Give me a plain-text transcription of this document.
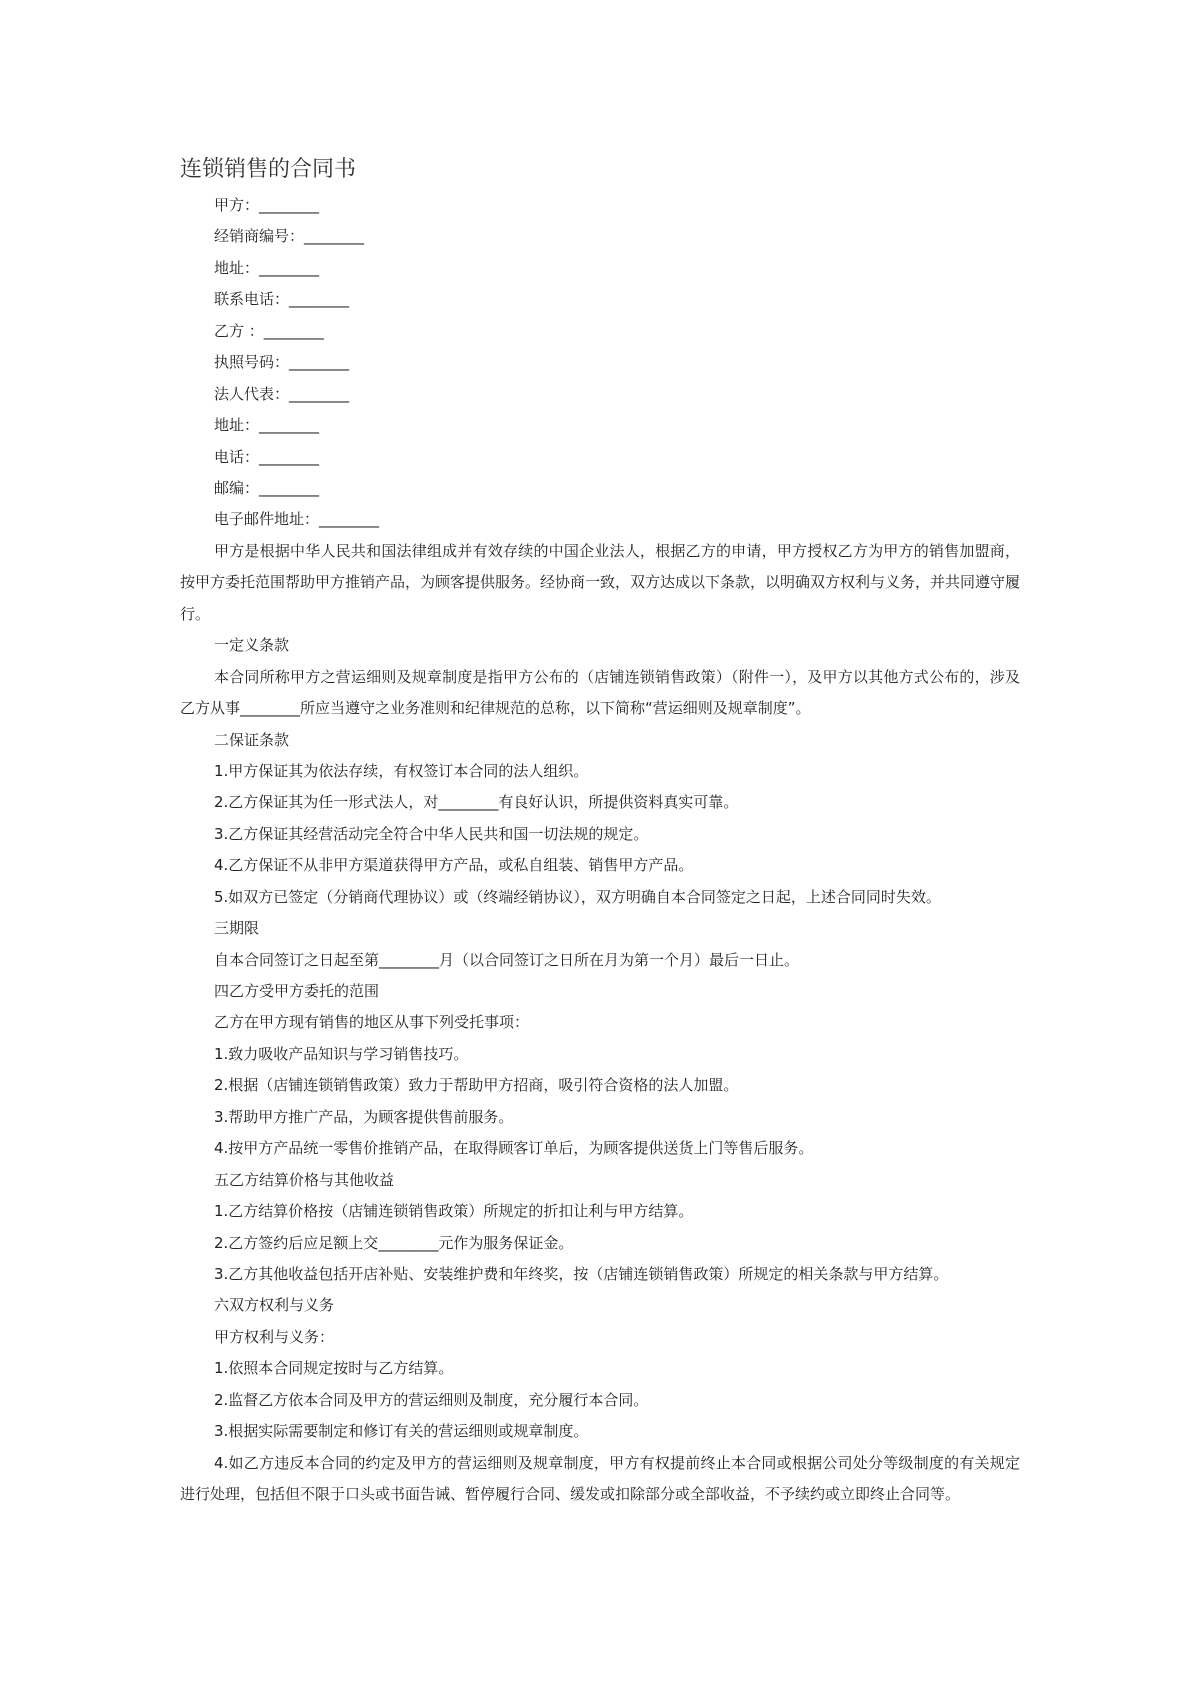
连锁销售的合同书

甲方：________

经销商编号：________

地址：________

联系电话：________

乙方 ：________

执照号码：________

法人代表：________

地址：________

电话：________

邮编：________

电子邮件地址：________

甲方是根据中华人民共和国法律组成并有效存续的中国企业法人，根据乙方的申请，甲方授权乙方为甲方的销售加盟商，按甲方委托范围帮助甲方推销产品，为顾客提供服务。经协商一致，双方达成以下条款，以明确双方权利与义务，并共同遵守履行。

一定义条款

本合同所称甲方之营运细则及规章制度是指甲方公布的（店铺连锁销售政策）（附件一），及甲方以其他方式公布的，涉及乙方从事________所应当遵守之业务准则和纪律规范的总称，以下简称“营运细则及规章制度”。

二保证条款

1.甲方保证其为依法存续，有权签订本合同的法人组织。

2.乙方保证其为任一形式法人，对________有良好认识，所提供资料真实可靠。

3.乙方保证其经营活动完全符合中华人民共和国一切法规的规定。

4.乙方保证不从非甲方渠道获得甲方产品，或私自组装、销售甲方产品。

5.如双方已签定（分销商代理协议）或（终端经销协议），双方明确自本合同签定之日起，上述合同同时失效。

三期限

自本合同签订之日起至第________月（以合同签订之日所在月为第一个月）最后一日止。

四乙方受甲方委托的范围

乙方在甲方现有销售的地区从事下列受托事项：

1.致力吸收产品知识与学习销售技巧。

2.根据（店铺连锁销售政策）致力于帮助甲方招商，吸引符合资格的法人加盟。

3.帮助甲方推广产品，为顾客提供售前服务。

4.按甲方产品统一零售价推销产品，在取得顾客订单后，为顾客提供送货上门等售后服务。

五乙方结算价格与其他收益

1.乙方结算价格按（店铺连锁销售政策）所规定的折扣让利与甲方结算。

2.乙方签约后应足额上交________元作为服务保证金。

3.乙方其他收益包括开店补贴、安装维护费和年终奖，按（店铺连锁销售政策）所规定的相关条款与甲方结算。

六双方权利与义务

甲方权利与义务：

1.依照本合同规定按时与乙方结算。

2.监督乙方依本合同及甲方的营运细则及制度，充分履行本合同。

3.根据实际需要制定和修订有关的营运细则或规章制度。

4.如乙方违反本合同的约定及甲方的营运细则及规章制度，甲方有权提前终止本合同或根据公司处分等级制度的有关规定进行处理，包括但不限于口头或书面告诫、暂停履行合同、缓发或扣除部分或全部收益，不予续约或立即终止合同等。
